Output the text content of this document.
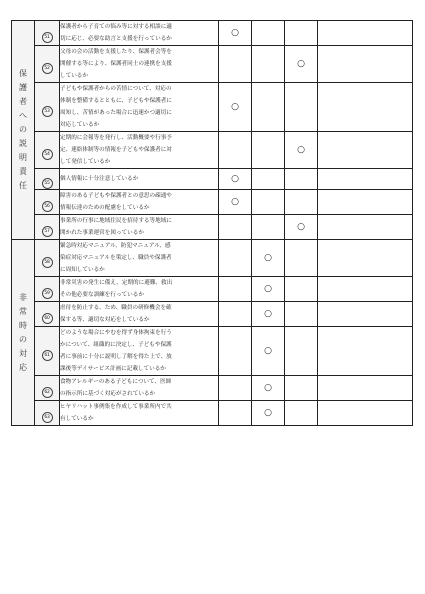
保護者への説明責任	51	保護者から子育ての悩み等に対する相談に適
切に応じ、必要な助言と支援を行っているか	○			
	52	父母の会の活動を支援したり、保護者会等を
開催する等により、保護者同士の連携を支援
しているか			○	
	53	子どもや保護者からの苦情について、対応の
体制を整備するとともに、子どもや保護者に
周知し、苦情があった場合に迅速かつ適切に
対応しているか	○			
	54	定期的に会報等を発行し、活動概要や行事予
定、連絡体制等の情報を子どもや保護者に対
して発信しているか			○	
	55	個人情報に十分注意しているか	○			
	56	障害のある子どもや保護者との意思の疎通や
情報伝達のための配慮をしているか	○			
	57	事業所の行事に地域住民を招待する等地域に
開かれた事業運営を図っているか			○	
非常時の対応	58	緊急時対応マニュアル、防犯マニュアル、感
染症対応マニュアルを策定し、職員や保護者
に周知しているか		○		
	59	非常災害の発生に備え、定期的に避難、救出
その他必要な訓練を行っているか		○		
	60	虐待を防止する、ため、職員の研修機会を確
保する等、適切な対応をしているか		○		
	61	どのような場合にやむを得ず身体拘束を行う
かについて、組織的に決定し、子どもや保護
者に事前に十分に説明し了解を得た上で、放
課後等デイサービス計画に記載しているか		○		
	62	食物アレルギーのある子どもについて、医師
の指示所に基づく対応がされているか		○		
	63	ヒヤリハット事例集を作成して事業所内で共
有しているか		○		
